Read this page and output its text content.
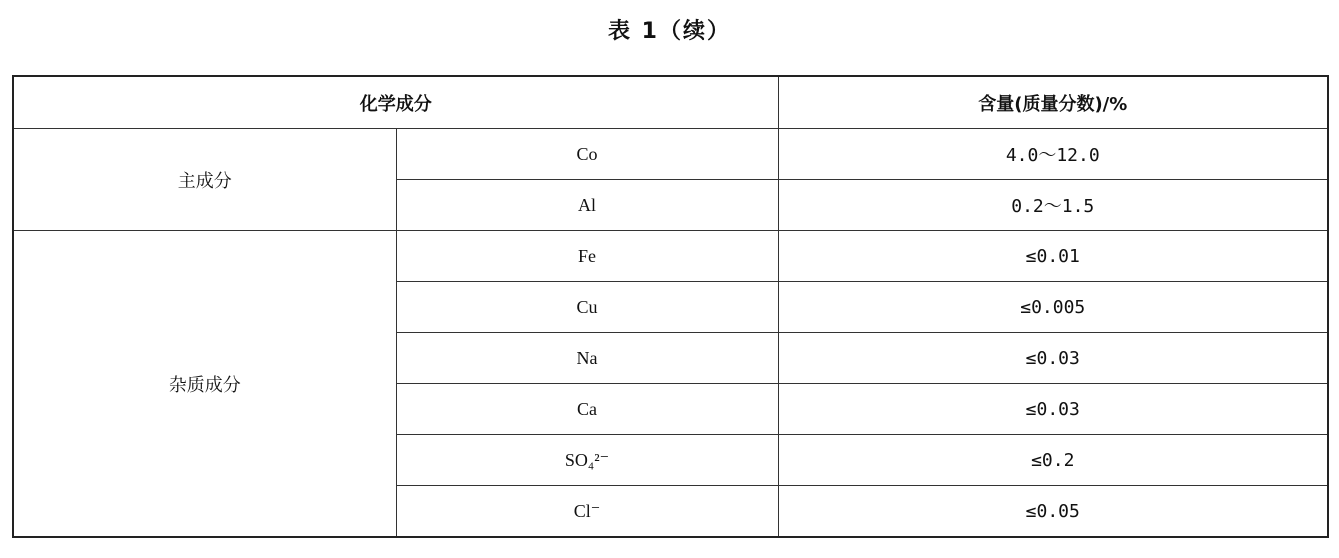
表 1（续）
化学成分		含量(质量分数)/%
主成分	Co	4.0～12.0
	Al	0.2～1.5
杂质成分	Fe	≤0.01
	Cu	≤0.005
	Na	≤0.03
	Ca	≤0.03
	SO₄²⁻	≤0.2
	Cl⁻	≤0.05
